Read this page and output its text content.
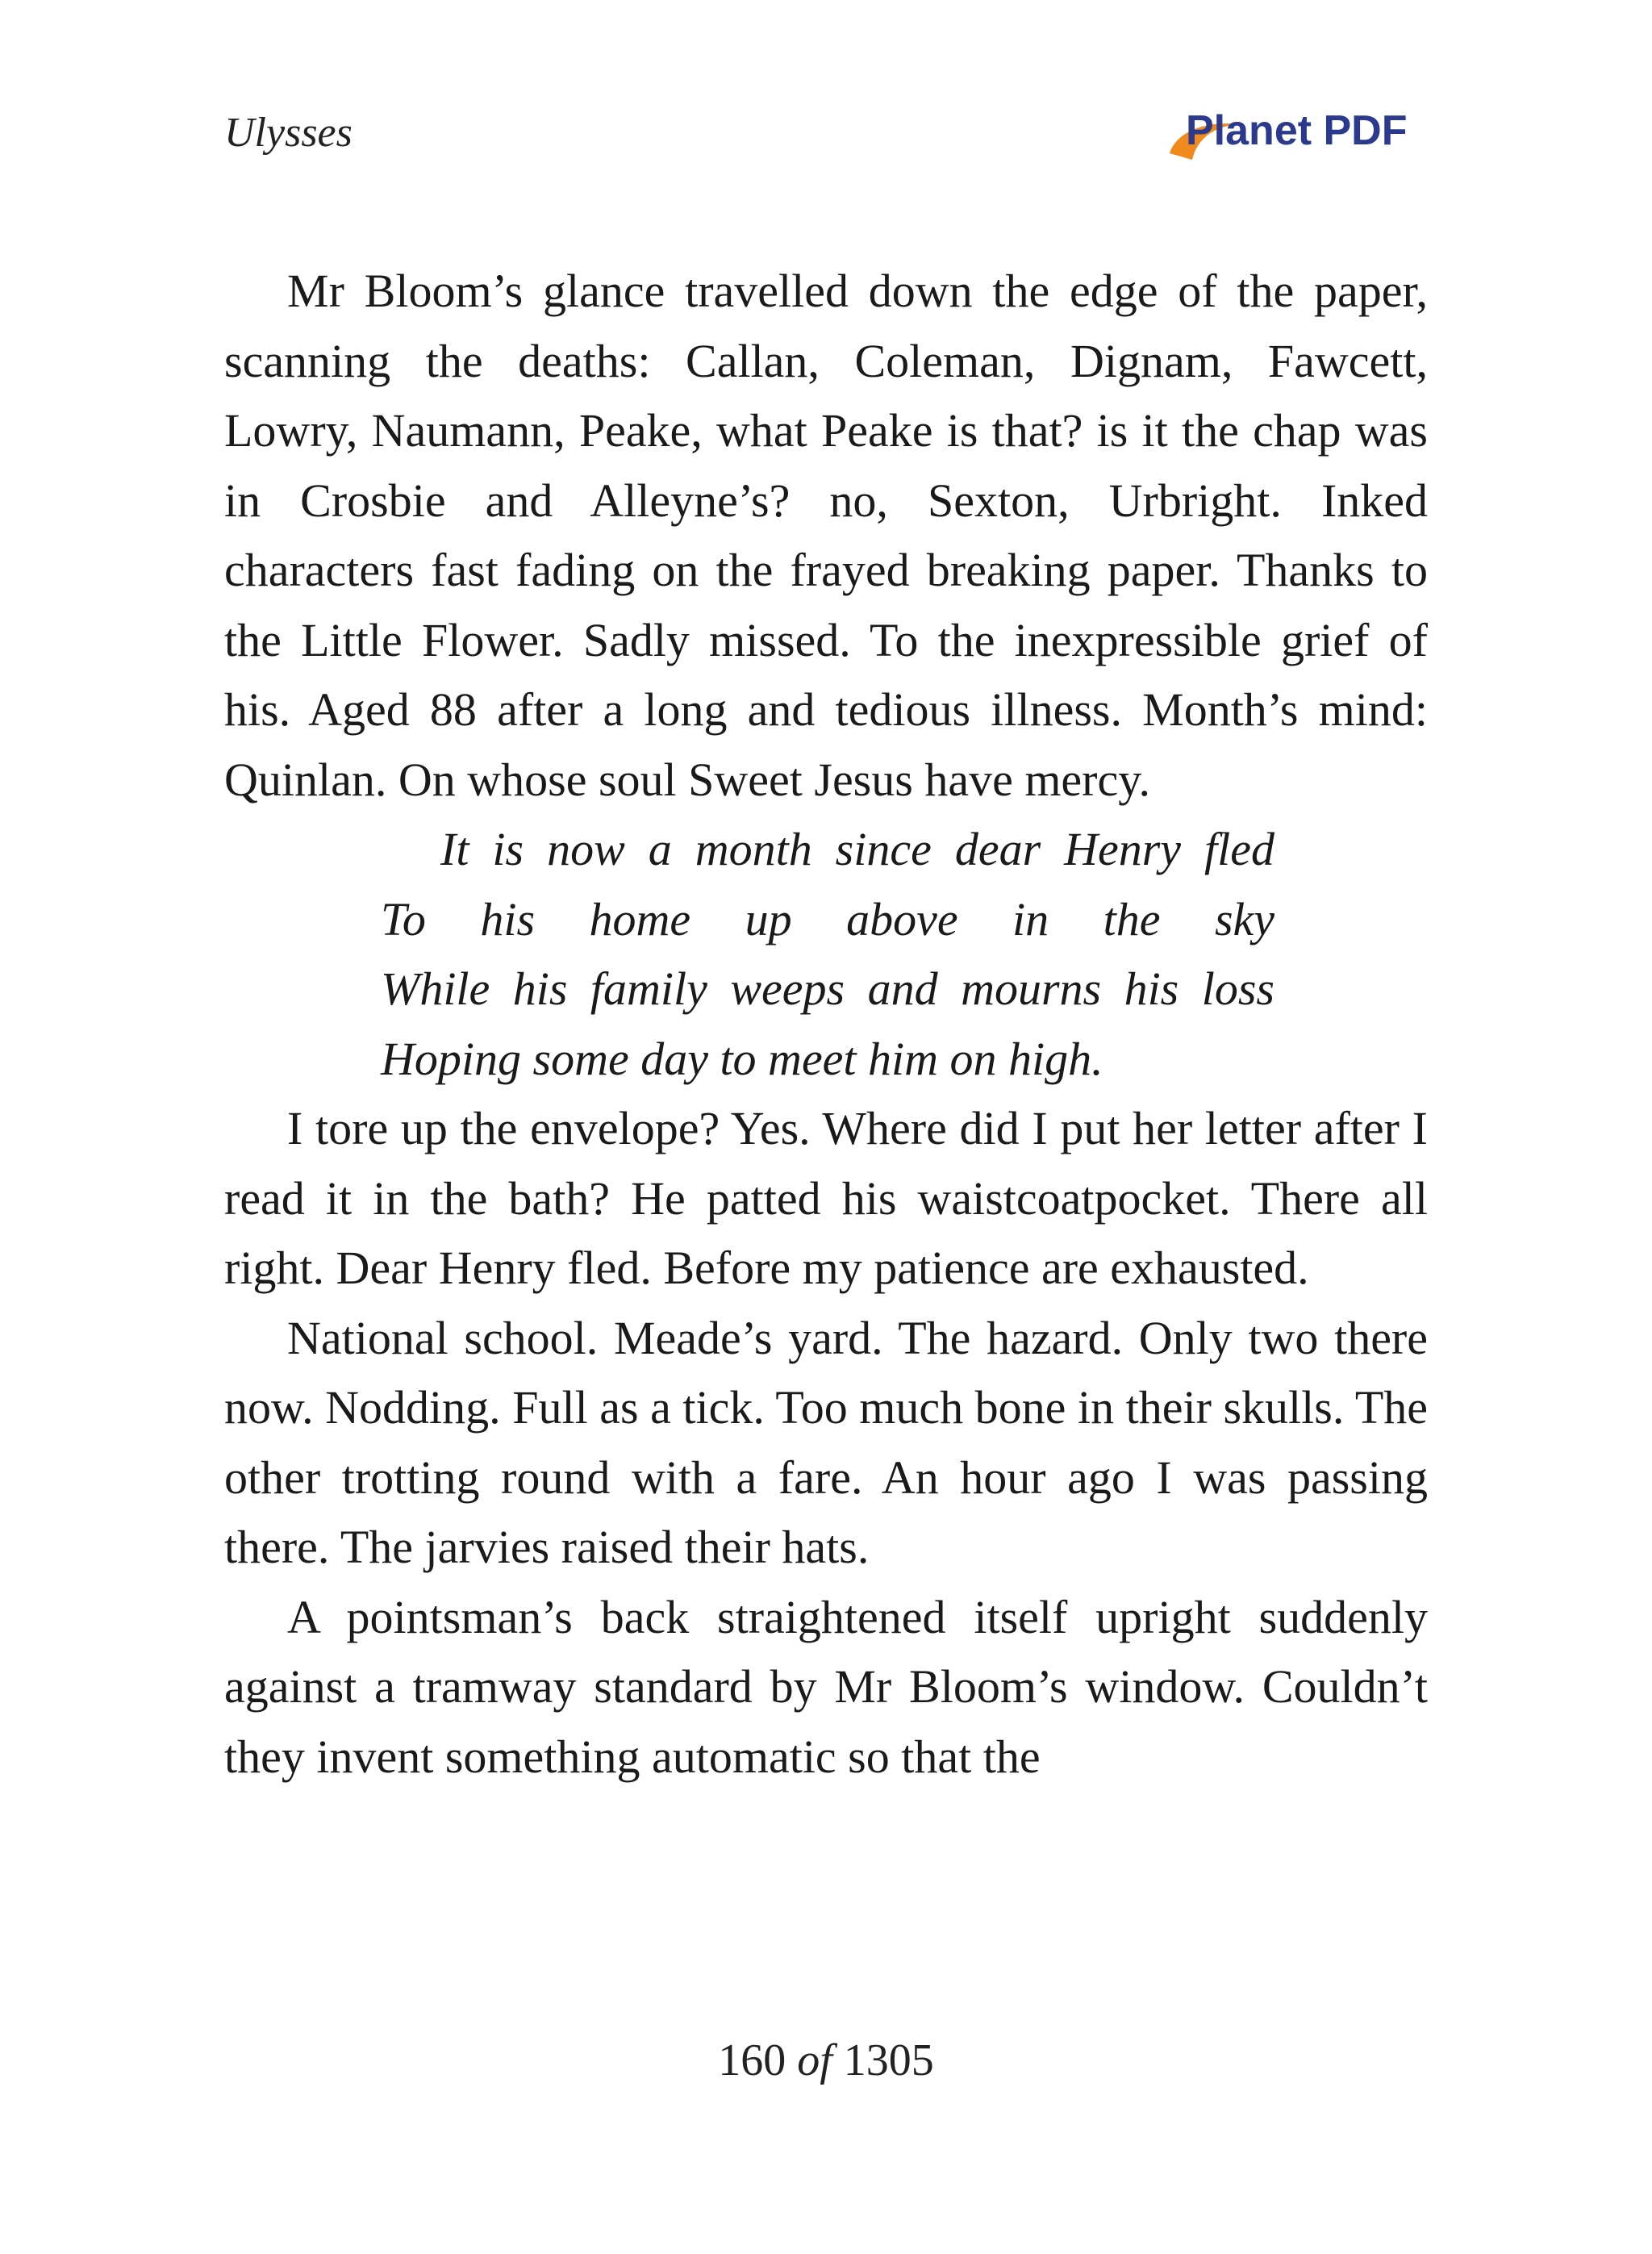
Ulysses	Planet PDF

Mr Bloom’s glance travelled down the edge of the paper, scanning the deaths: Callan, Coleman, Dignam, Fawcett, Lowry, Naumann, Peake, what Peake is that? is it the chap was in Crosbie and Alleyne’s? no, Sexton, Urbright. Inked characters fast fading on the frayed breaking paper. Thanks to the Little Flower. Sadly missed. To the inexpressible grief of his. Aged 88 after a long and tedious illness. Month’s mind: Quinlan. On whose soul Sweet Jesus have mercy.

It is now a month since dear Henry fled
To his home up above in the sky
While his family weeps and mourns his loss
Hoping some day to meet him on high.

I tore up the envelope? Yes. Where did I put her letter after I read it in the bath? He patted his waistcoatpocket. There all right. Dear Henry fled. Before my patience are exhausted.

National school. Meade’s yard. The hazard. Only two there now. Nodding. Full as a tick. Too much bone in their skulls. The other trotting round with a fare. An hour ago I was passing there. The jarvies raised their hats.

A pointsman’s back straightened itself upright suddenly against a tramway standard by Mr Bloom’s window. Couldn’t they invent something automatic so that the

160 of 1305
